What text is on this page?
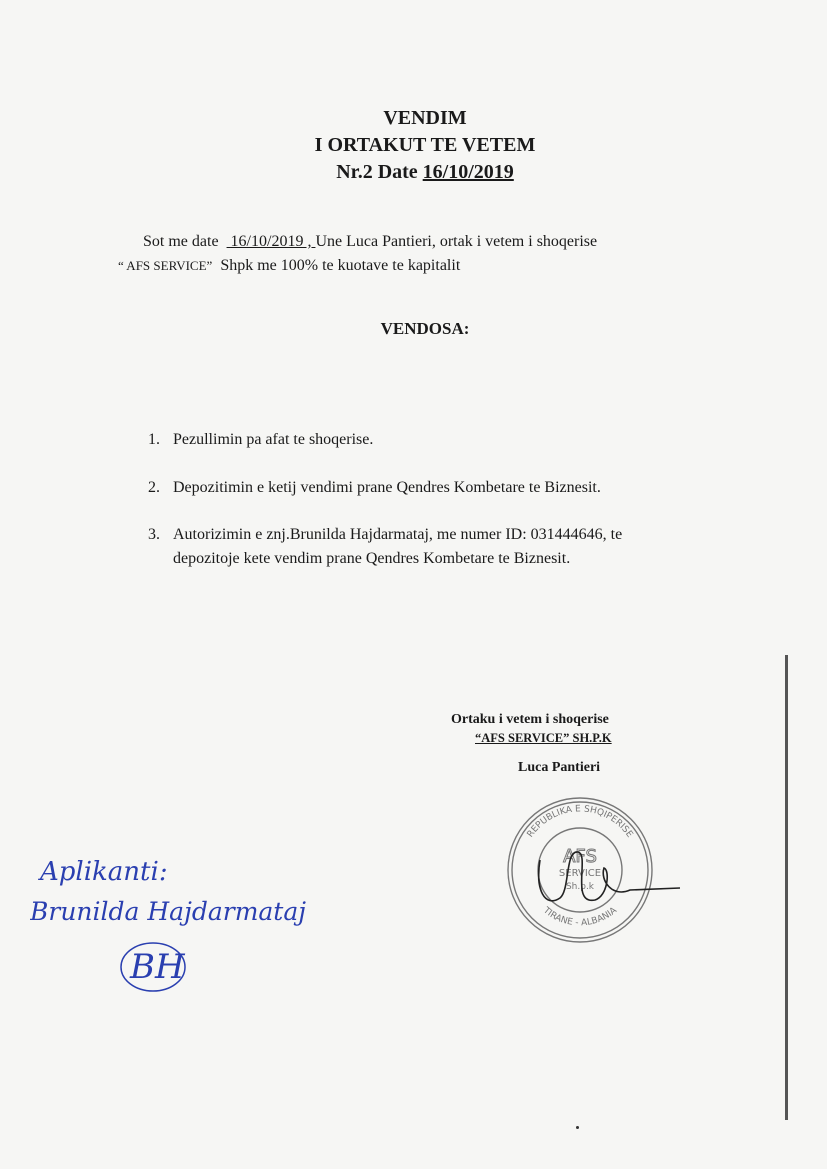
VENDIM
I ORTAKUT TE VETEM
Nr.2 Date 16/10/2019
Sot me date 16/10/2019 , Une Luca Pantieri, ortak i vetem i shoqerise
“ AFS SERVICE” Shpk me 100% te kuotave te kapitalit
VENDOSA:
1. Pezullimin pa afat te shoqerise.
2. Depozitimin e ketij vendimi prane Qendres Kombetare te Biznesit.
3. Autorizimin e znj.Brunilda Hajdarmataj, me numer ID: 031444646, te
depozitoje kete vendim prane Qendres Kombetare te Biznesit.
Ortaku i vetem i shoqerise
“AFS SERVICE” SH.P.K
Luca Pantieri
REPUBLIKA E SHQIPERISE
TIRANE - ALBANIA
AFS
SERVICE
Sh.p.k
Aplikanti:
Brunilda Hajdarmataj
BH
